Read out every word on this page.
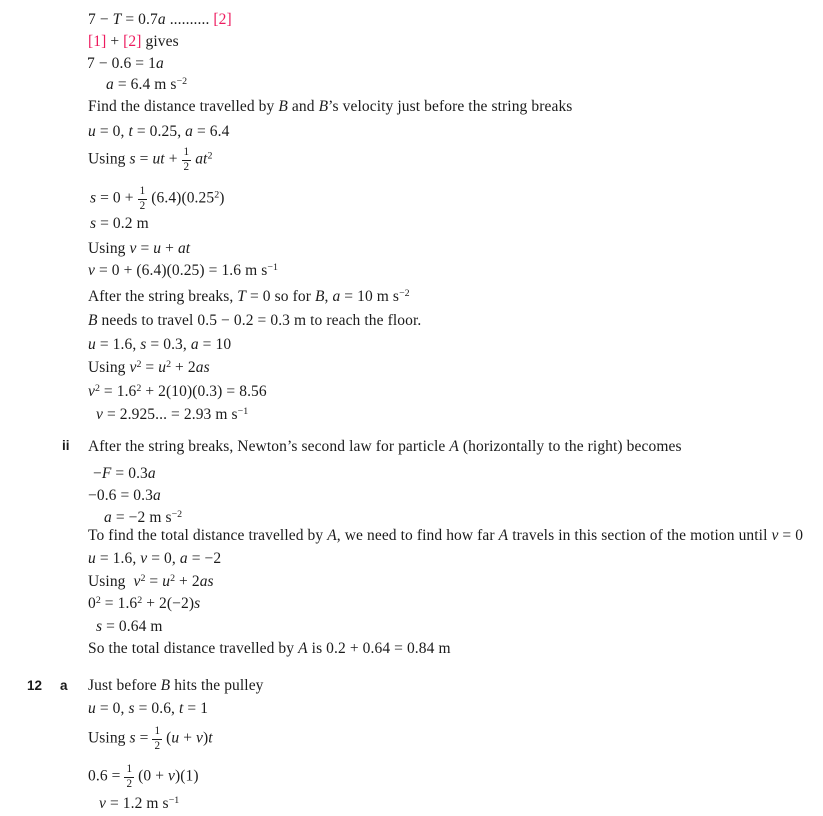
7 − T = 0.7a .......... [2]
[1] + [2] gives
7 − 0.6 = 1a
a = 6.4 m $s^{-2}$
Find the distance travelled by B and B’s velocity just before the string breaks
u = 0, t = 0.25, a = 6.4
Using s = ut + $\frac{1}{2} at^2$
$s = 0 + \frac{1}{2} (6.4)(0.25^2)$
s = 0.2 m
Using v = u + at
v = 0 + (6.4)(0.25) = 1.6 m $s^{-1}$
After the string breaks, T = 0 so for B, a = 10 m $s^{-2}$
B needs to travel 0.5 − 0.2 = 0.3 m to reach the floor.
u = 1.6, s = 0.3, a = 10
Using $v^2 = u^2 + 2as$
$v^2 = 1.6^2 + 2(10)(0.3) = 8.56$
v = 2.925... = 2.93 m $s^{-1}$
After the string breaks, Newton’s second law for particle A (horizontally to the right) becomes
−F = 0.3a
−0.6 = 0.3a
a = −2 m $s^{-2}$
To find the total distance travelled by A, we need to find how far A travels in this section of the motion until v = 0
u = 1.6, v = 0, a = −2
Using  $v^2 = u^2 + 2as$
$0^2 = 1.6^2 + 2(-2)s$
s = 0.64 m
So the total distance travelled by A is 0.2 + 0.64 = 0.84 m
Just before B hits the pulley
u = 0, s = 0.6, t = 1
Using $s = \frac{1}{2} (u + v)t$
$0.6 = \frac{1}{2} (0 + v)(1)$
v = 1.2 m $s^{-1}$
ii
12 a
